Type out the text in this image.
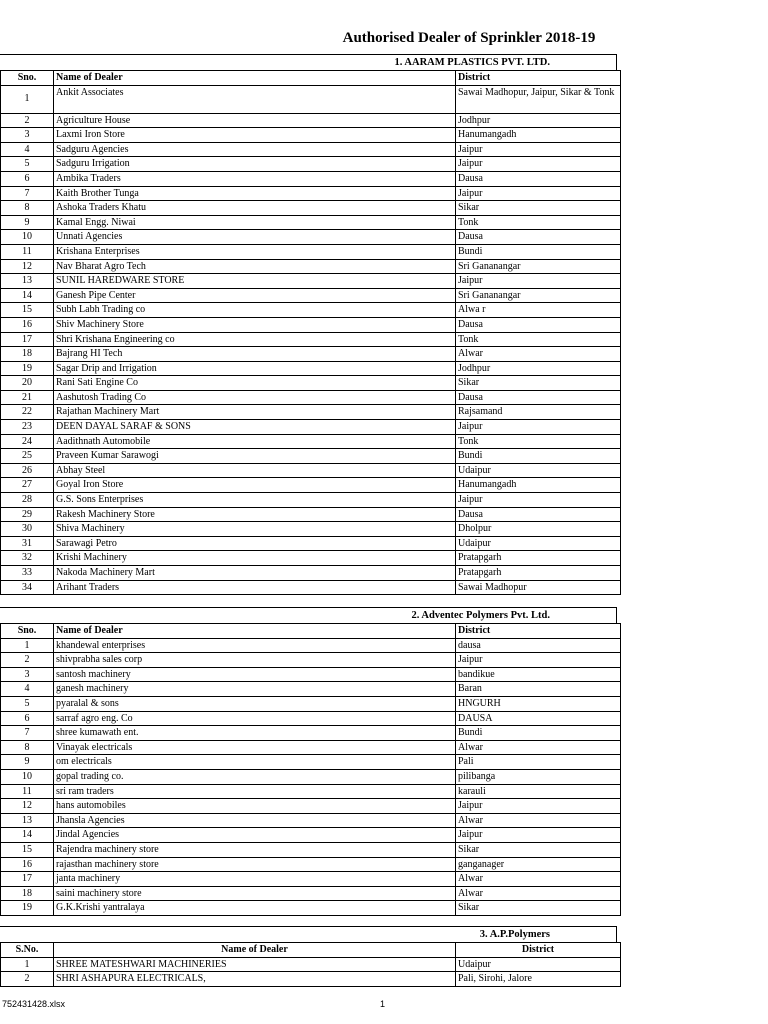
Authorised Dealer of Sprinkler 2018-19
1. AARAM PLASTICS PVT. LTD.
Sno.	Name of Dealer	District
1	Ankit Associates	Sawai Madhopur, Jaipur, Sikar & Tonk
2	Agriculture House	Jodhpur
3	Laxmi Iron Store	Hanumangadh
4	Sadguru Agencies	Jaipur
5	Sadguru Irrigation	Jaipur
6	Ambika Traders	Dausa
7	Kaith Brother Tunga	Jaipur
8	Ashoka Traders Khatu	Sikar
9	Kamal Engg. Niwai	Tonk
10	Unnati Agencies	Dausa
11	Krishana Enterprises	Bundi
12	Nav Bharat Agro Tech	Sri Gananangar
13	SUNIL HAREDWARE STORE	Jaipur
14	Ganesh Pipe Center	Sri Gananangar
15	Subh Labh Trading co	Alwa r
16	Shiv Machinery Store	Dausa
17	Shri Krishana Engineering co	Tonk
18	Bajrang HI Tech	Alwar
19	Sagar Drip and Irrigation	Jodhpur
20	Rani Sati Engine Co	Sikar
21	Aashutosh Trading Co	Dausa
22	Rajathan Machinery Mart	Rajsamand
23	DEEN DAYAL SARAF & SONS	Jaipur
24	Aadithnath Automobile	Tonk
25	Praveen Kumar Sarawogi	Bundi
26	Abhay Steel	Udaipur
27	Goyal Iron Store	Hanumangadh
28	G.S. Sons Enterprises	Jaipur
29	Rakesh Machinery Store	Dausa
30	Shiva Machinery	Dholpur
31	Sarawagi Petro	Udaipur
32	Krishi Machinery	Pratapgarh
33	Nakoda Machinery Mart	Pratapgarh
34	Arihant Traders	Sawai Madhopur
2. Adventec Polymers Pvt. Ltd.
Sno.	Name of Dealer	District
1	khandewal enterprises	dausa
2	shivprabha sales corp	Jaipur
3	santosh machinery	bandikue
4	ganesh machinery	Baran
5	pyaralal & sons	HNGURH
6	sarraf agro eng. Co	DAUSA
7	shree kumawath ent.	Bundi
8	Vinayak electricals	Alwar
9	om electricals	Pali
10	gopal trading co.	pilibanga
11	sri ram traders	karauli
12	hans automobiles	Jaipur
13	Jhansla Agencies	Alwar
14	Jindal Agencies	Jaipur
15	Rajendra machinery store	Sikar
16	rajasthan machinery store	ganganager
17	janta machinery	Alwar
18	saini machinery store	Alwar
19	G.K.Krishi yantralaya	Sikar
3. A.P.Polymers
S.No.	Name of Dealer	District
1	SHREE MATESHWARI MACHINERIES	Udaipur
2	SHRI ASHAPURA ELECTRICALS,	Pali, Sirohi, Jalore
752431428.xlsx	1
